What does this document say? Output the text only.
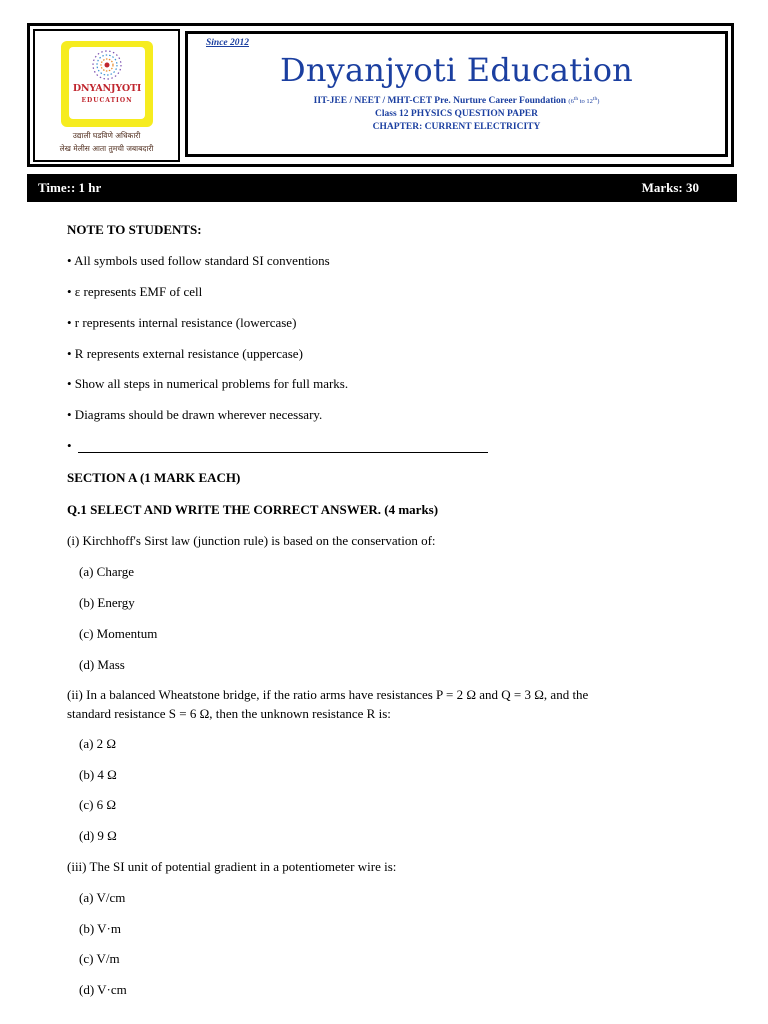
DNYANJYOTI
EDUCATION
उद्याली घडविणे अधिकारी
लेख मेलीस आता तुमची जबाबदारी
Since 2012
Dnyanjyoti Education
IIT-JEE / NEET / MHT-CET Pre. Nurture Career Foundation (6th to 12th)
Class 12 PHYSICS QUESTION PAPER
CHAPTER: CURRENT ELECTRICITY
Time:: 1 hr	Marks: 30
NOTE TO STUDENTS:
• All symbols used follow standard SI conventions
• ε represents EMF of cell
• r represents internal resistance (lowercase)
• R represents external resistance (uppercase)
• Show all steps in numerical problems for full marks.
• Diagrams should be drawn wherever necessary.
•
SECTION A (1 MARK EACH)
Q.1 SELECT AND WRITE THE CORRECT ANSWER. (4 marks)
(i) Kirchhoff's Sirst law (junction rule) is based on the conservation of:
(a) Charge
(b) Energy
(c) Momentum
(d) Mass
(ii) In a balanced Wheatstone bridge, if the ratio arms have resistances P = 2 Ω and Q = 3 Ω, and the
standard resistance S = 6 Ω, then the unknown resistance R is:
(a) 2 Ω
(b) 4 Ω
(c) 6 Ω
(d) 9 Ω
(iii) The SI unit of potential gradient in a potentiometer wire is:
(a) V/cm
(b) V·m
(c) V/m
(d) V·cm
